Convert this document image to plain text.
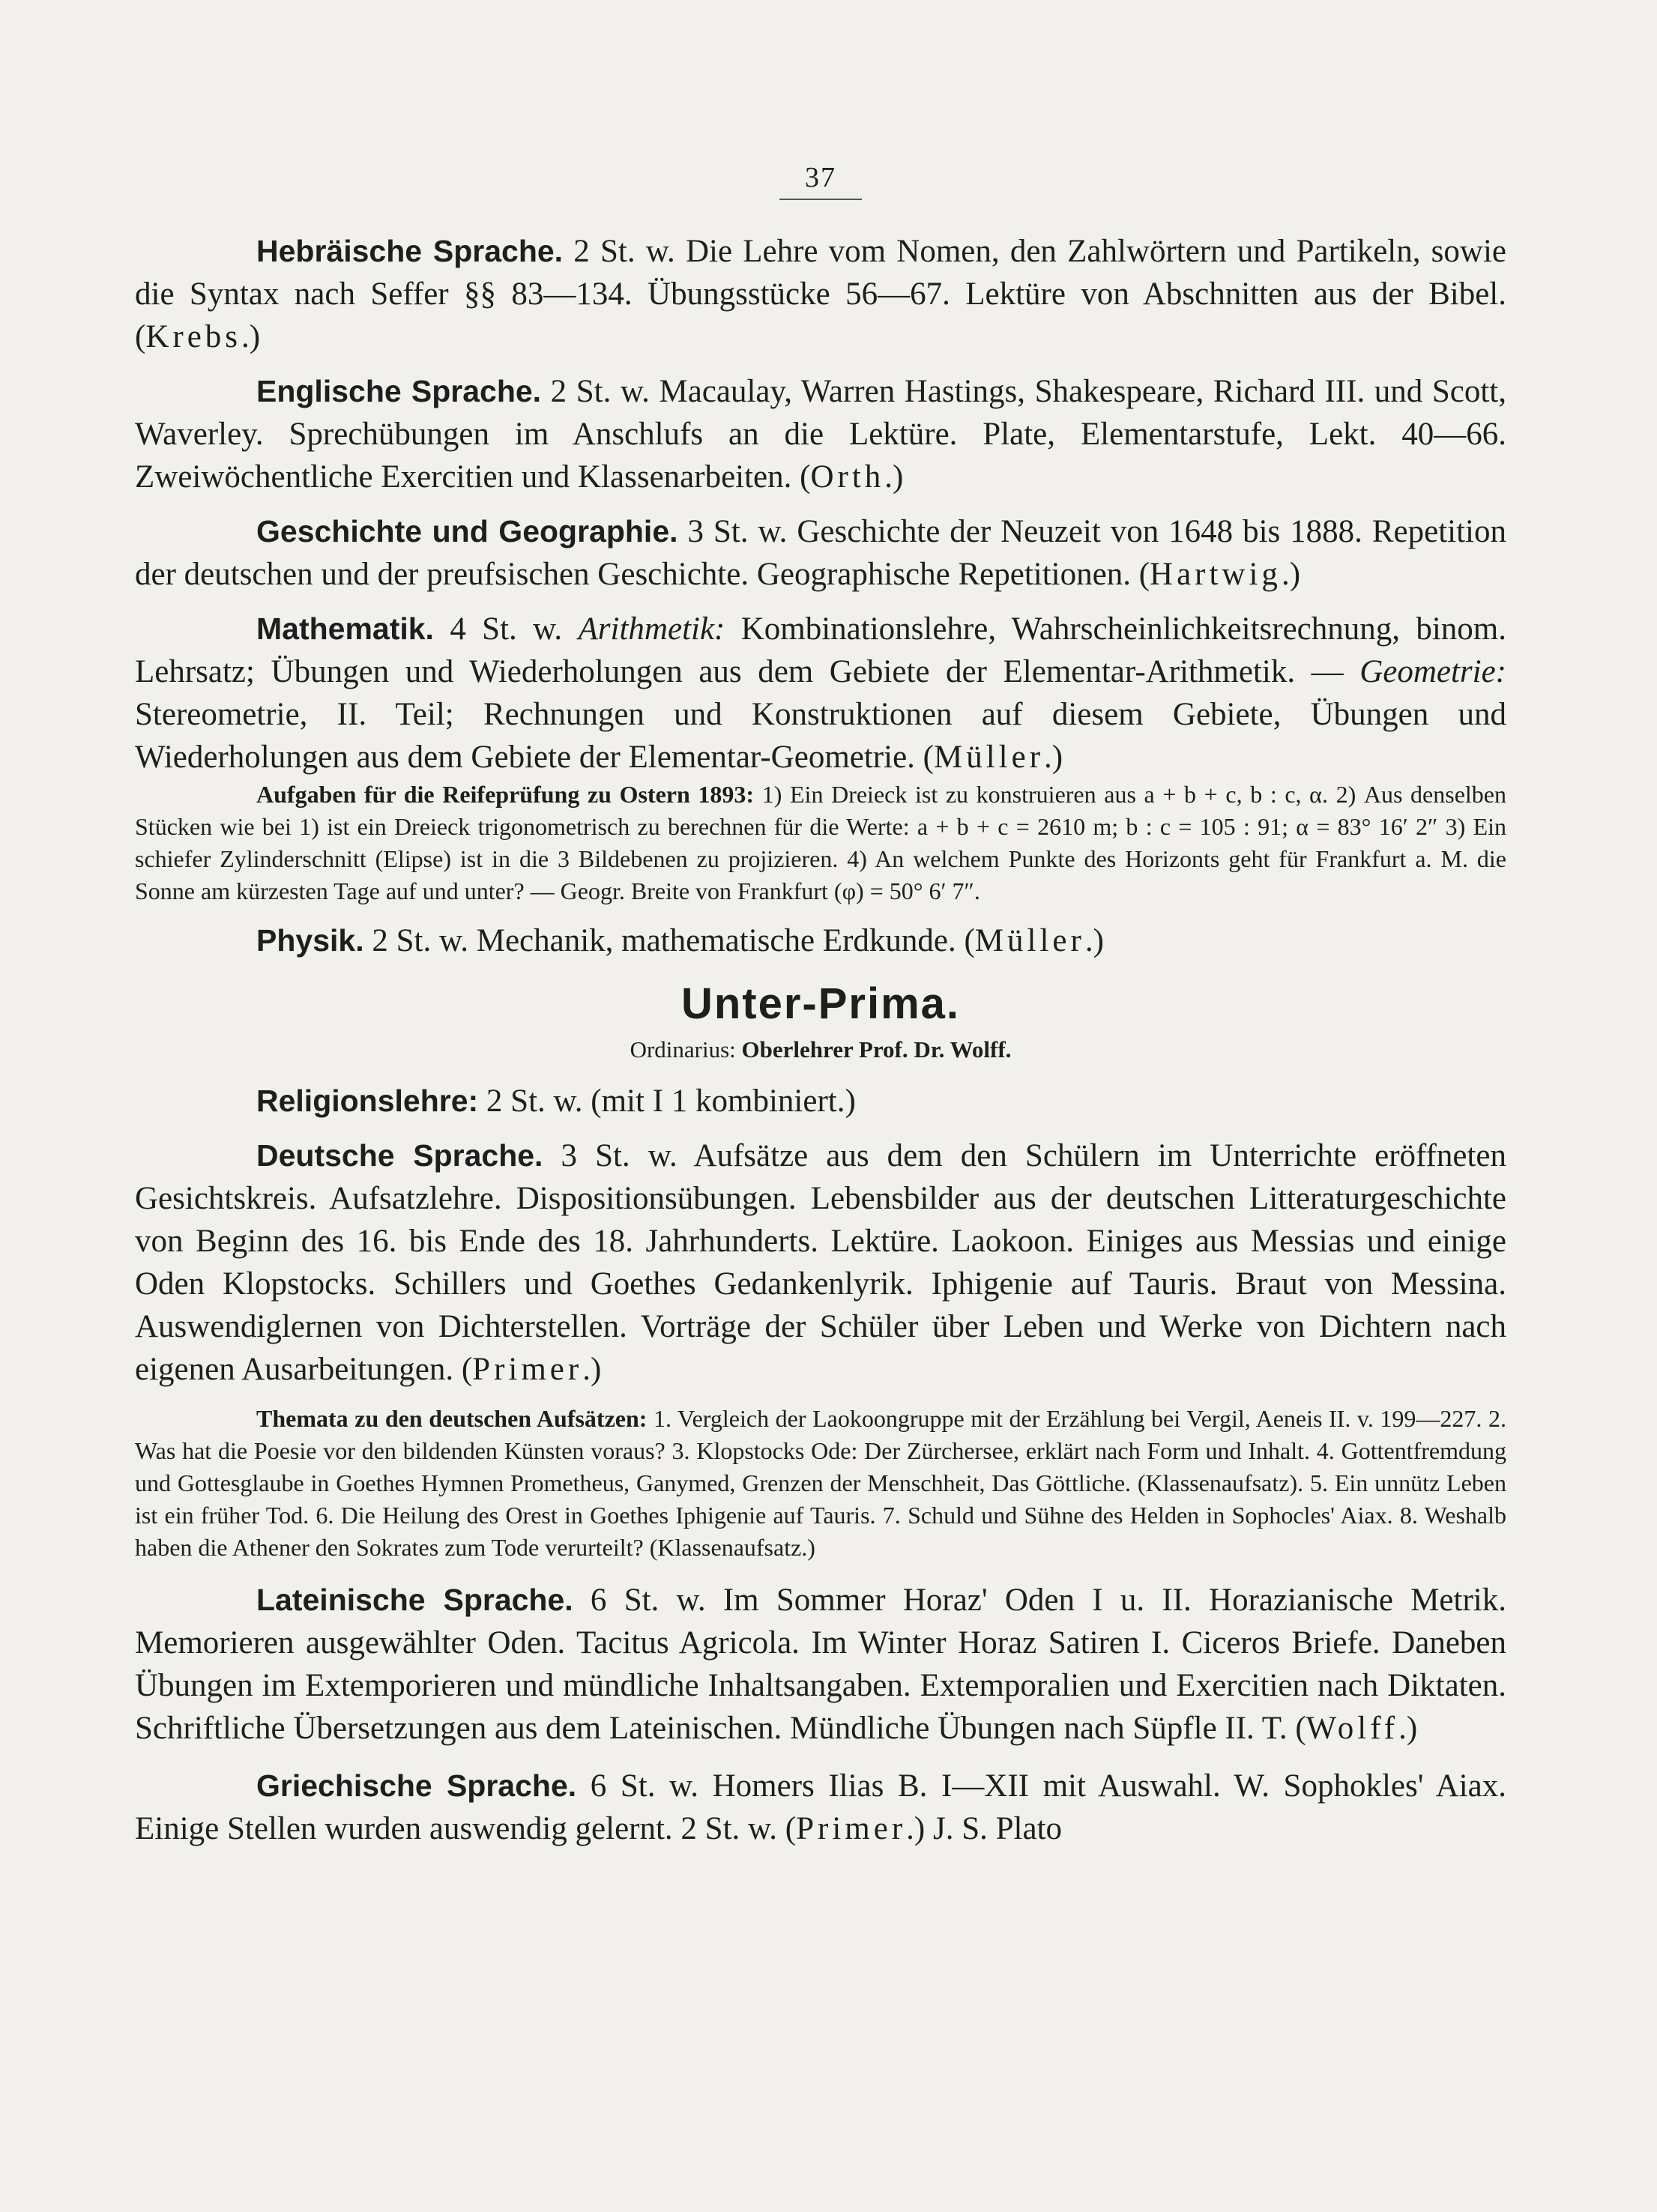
37

Hebräische Sprache. 2 St. w. Die Lehre vom Nomen, den Zahlwörtern und Partikeln, sowie die Syntax nach Seffer §§ 83—134. Übungsstücke 56—67. Lektüre von Abschnitten aus der Bibel. (Krebs.)

Englische Sprache. 2 St. w. Macaulay, Warren Hastings, Shakespeare, Richard III. und Scott, Waverley. Sprechübungen im Anschlufs an die Lektüre. Plate, Elementarstufe, Lekt. 40—66. Zweiwöchentliche Exercitien und Klassenarbeiten. (Orth.)

Geschichte und Geographie. 3 St. w. Geschichte der Neuzeit von 1648 bis 1888. Repetition der deutschen und der preufsischen Geschichte. Geographische Repetitionen. (Hartwig.)

Mathematik. 4 St. w. Arithmetik: Kombinationslehre, Wahrscheinlichkeitsrechnung, binom. Lehrsatz; Übungen und Wiederholungen aus dem Gebiete der Elementar-Arithmetik. — Geometrie: Stereometrie, II. Teil; Rechnungen und Konstruktionen auf diesem Gebiete, Übungen und Wiederholungen aus dem Gebiete der Elementar-Geometrie. (Müller.)

Aufgaben für die Reifeprüfung zu Ostern 1893: 1) Ein Dreieck ist zu konstruieren aus a + b + c, b : c, α. 2) Aus denselben Stücken wie bei 1) ist ein Dreieck trigonometrisch zu berechnen für die Werte: a + b + c = 2610 m; b : c = 105 : 91; α = 83° 16′ 2″ 3) Ein schiefer Zylinderschnitt (Elipse) ist in die 3 Bildebenen zu projizieren. 4) An welchem Punkte des Horizonts geht für Frankfurt a. M. die Sonne am kürzesten Tage auf und unter? — Geogr. Breite von Frankfurt (φ) = 50° 6′ 7″.

Physik. 2 St. w. Mechanik, mathematische Erdkunde. (Müller.)

Unter-Prima.
Ordinarius: Oberlehrer Prof. Dr. Wolff.

Religionslehre: 2 St. w. (mit I 1 kombiniert.)

Deutsche Sprache. 3 St. w. Aufsätze aus dem den Schülern im Unterrichte eröffneten Gesichtskreis. Aufsatzlehre. Dispositionsübungen. Lebensbilder aus der deutschen Litteraturgeschichte von Beginn des 16. bis Ende des 18. Jahrhunderts. Lektüre. Laokoon. Einiges aus Messias und einige Oden Klopstocks. Schillers und Goethes Gedankenlyrik. Iphigenie auf Tauris. Braut von Messina. Auswendiglernen von Dichterstellen. Vorträge der Schüler über Leben und Werke von Dichtern nach eigenen Ausarbeitungen. (Primer.)

Themata zu den deutschen Aufsätzen: 1. Vergleich der Laokoongruppe mit der Erzählung bei Vergil, Aeneis II. v. 199—227. 2. Was hat die Poesie vor den bildenden Künsten voraus? 3. Klopstocks Ode: Der Zürchersee, erklärt nach Form und Inhalt. 4. Gottentfremdung und Gottesglaube in Goethes Hymnen Prometheus, Ganymed, Grenzen der Menschheit, Das Göttliche. (Klassenaufsatz). 5. Ein unnütz Leben ist ein früher Tod. 6. Die Heilung des Orest in Goethes Iphigenie auf Tauris. 7. Schuld und Sühne des Helden in Sophocles' Aiax. 8. Weshalb haben die Athener den Sokrates zum Tode verurteilt? (Klassenaufsatz.)

Lateinische Sprache. 6 St. w. Im Sommer Horaz' Oden I u. II. Horazianische Metrik. Memorieren ausgewählter Oden. Tacitus Agricola. Im Winter Horaz Satiren I. Ciceros Briefe. Daneben Übungen im Extemporieren und mündliche Inhaltsangaben. Extemporalien und Exercitien nach Diktaten. Schriftliche Übersetzungen aus dem Lateinischen. Mündliche Übungen nach Süpfle II. T. (Wolff.)

Griechische Sprache. 6 St. w. Homers Ilias B. I—XII mit Auswahl. W. Sophokles' Aiax. Einige Stellen wurden auswendig gelernt. 2 St. w. (Primer.) J. S. Plato
